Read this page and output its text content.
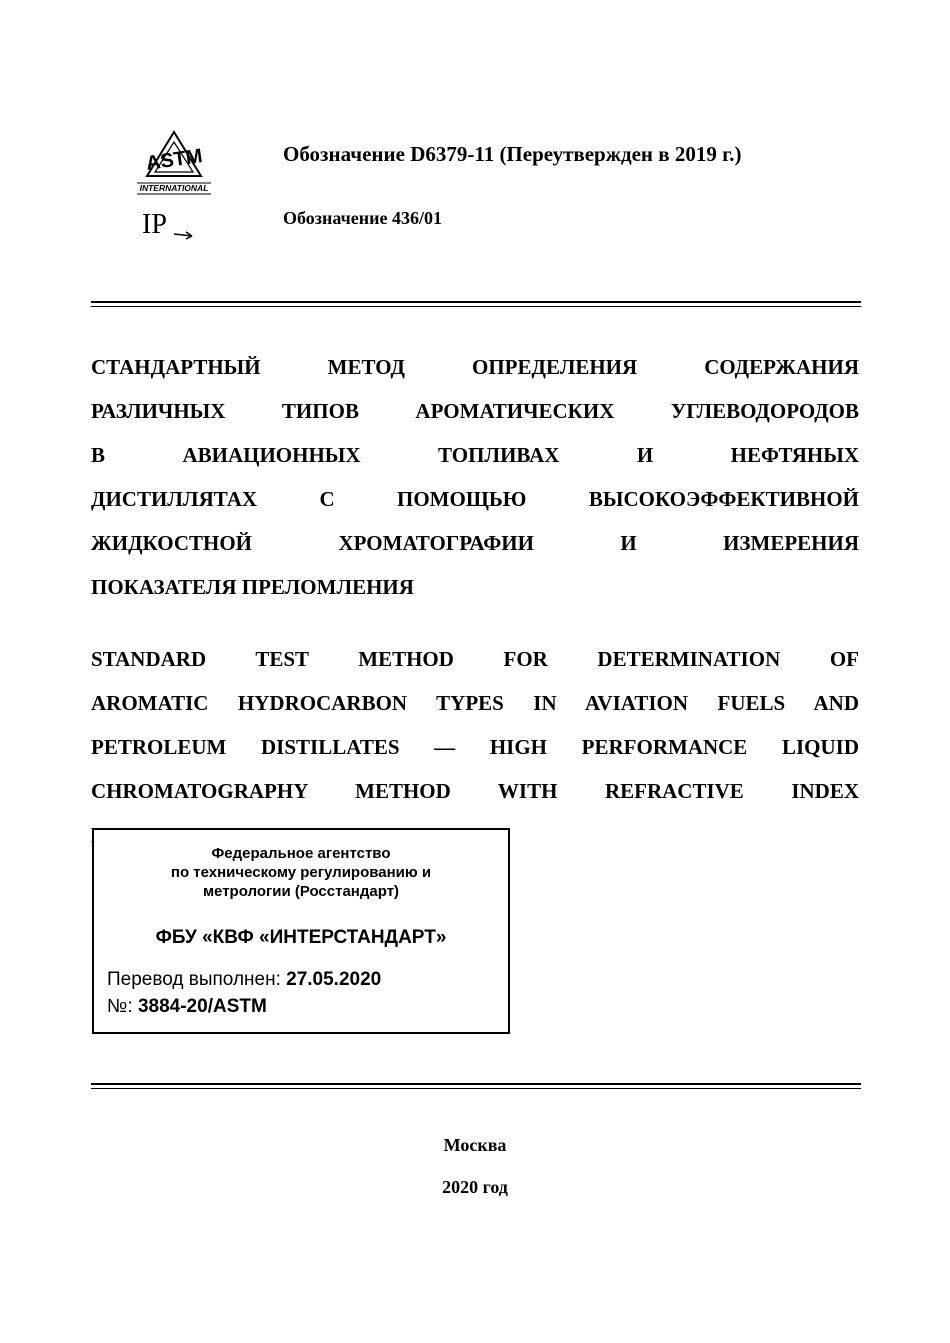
ASTM
INTERNATIONAL
IP
Обозначение D6379-11 (Переутвержден в 2019 г.)
Обозначение 436/01
СТАНДАРТНЫЙ МЕТОД ОПРЕДЕЛЕНИЯ СОДЕРЖАНИЯ
РАЗЛИЧНЫХ ТИПОВ АРОМАТИЧЕСКИХ УГЛЕВОДОРОДОВ
В АВИАЦИОННЫХ ТОПЛИВАХ И НЕФТЯНЫХ
ДИСТИЛЛЯТАХ С ПОМОЩЬЮ ВЫСОКОЭФФЕКТИВНОЙ
ЖИДКОСТНОЙ ХРОМАТОГРАФИИ И ИЗМЕРЕНИЯ
ПОКАЗАТЕЛЯ ПРЕЛОМЛЕНИЯ
STANDARD TEST METHOD FOR DETERMINATION OF
AROMATIC HYDROCARBON TYPES IN AVIATION FUELS AND
PETROLEUM DISTILLATES — HIGH PERFORMANCE LIQUID
CHROMATOGRAPHY METHOD WITH REFRACTIVE INDEX
Федеральное агентство
по техническому регулированию и
метрологии (Росстандарт)
ФБУ «КВФ «ИНТЕРСТАНДАРТ»
Перевод выполнен: 27.05.2020
№: 3884-20/ASTM
Москва
2020 год
